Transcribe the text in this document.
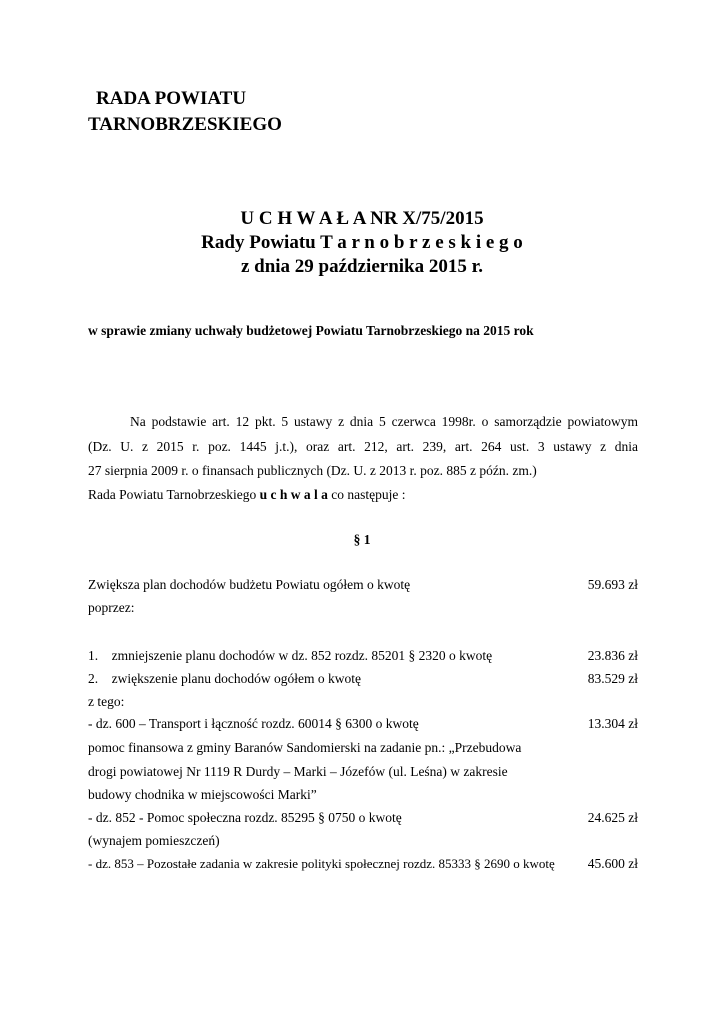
RADA POWIATU
TARNOBRZESKIEGO
U C H W A Ł A NR X/75/2015
Rady Powiatu T a r n o b r z e s k i e g o
z dnia 29 października 2015 r.
w sprawie zmiany uchwały budżetowej Powiatu Tarnobrzeskiego na 2015 rok
Na podstawie art. 12 pkt. 5 ustawy z dnia 5 czerwca 1998r. o samorządzie powiatowym
(Dz. U. z 2015 r. poz. 1445 j.t.), oraz art. 212, art. 239, art. 264 ust. 3 ustawy z dnia
27 sierpnia 2009 r. o finansach publicznych (Dz. U. z 2013 r. poz. 885 z późn. zm.)
Rada Powiatu Tarnobrzeskiego u c h w a l a co następuje :
§ 1
Zwiększa plan dochodów budżetu Powiatu ogółem o kwotę	59.693 zł
poprzez:
1.    zmniejszenie planu dochodów w dz. 852 rozdz. 85201 § 2320 o kwotę	23.836 zł
2.    zwiększenie planu dochodów ogółem o kwotę	83.529 zł
z tego:
- dz. 600 – Transport i łączność rozdz. 60014 § 6300 o kwotę	13.304 zł
pomoc finansowa z gminy Baranów Sandomierski na zadanie pn.: „Przebudowa
drogi powiatowej Nr 1119 R Durdy – Marki – Józefów (ul. Leśna) w zakresie
budowy chodnika w miejscowości Marki”
- dz. 852 - Pomoc społeczna rozdz. 85295 § 0750 o kwotę	24.625 zł
(wynajem pomieszczeń)
- dz. 853 – Pozostałe zadania w zakresie polityki społecznej rozdz. 85333 § 2690 o kwotę 45.600 zł
